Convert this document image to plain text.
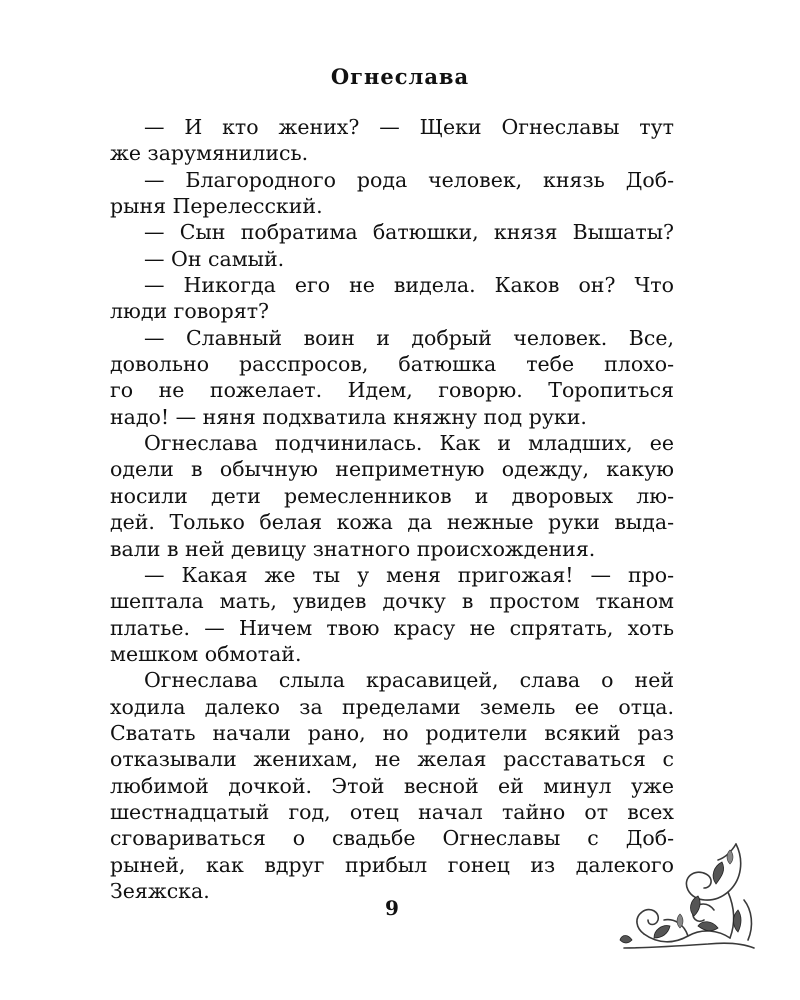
Огнеслава
— И кто жених? — Щеки Огнеславы тут
же зарумянились.
— Благородного рода человек, князь Доб-
рыня Перелесский.
— Сын побратима батюшки, князя Вышаты?
— Он самый.
— Никогда его не видела. Каков он? Что
люди говорят?
— Славный воин и добрый человек. Все,
довольно расспросов, батюшка тебе плохо-
го не пожелает. Идем, говорю. Торопиться
надо! — няня подхватила княжну под руки.
Огнеслава подчинилась. Как и младших, ее
одели в обычную неприметную одежду, какую
носили дети ремесленников и дворовых лю-
дей. Только белая кожа да нежные руки выда-
вали в ней девицу знатного происхождения.
— Какая же ты у меня пригожая! — про-
шептала мать, увидев дочку в простом тканом
платье. — Ничем твою красу не спрятать, хоть
мешком обмотай.
Огнеслава слыла красавицей, слава о ней
ходила далеко за пределами земель ее отца.
Сватать начали рано, но родители всякий раз
отказывали женихам, не желая расставаться с
любимой дочкой. Этой весной ей минул уже
шестнадцатый год, отец начал тайно от всех
сговариваться о свадьбе Огнеславы с Доб-
рыней, как вдруг прибыл гонец из далекого
Зеяжска.
9
